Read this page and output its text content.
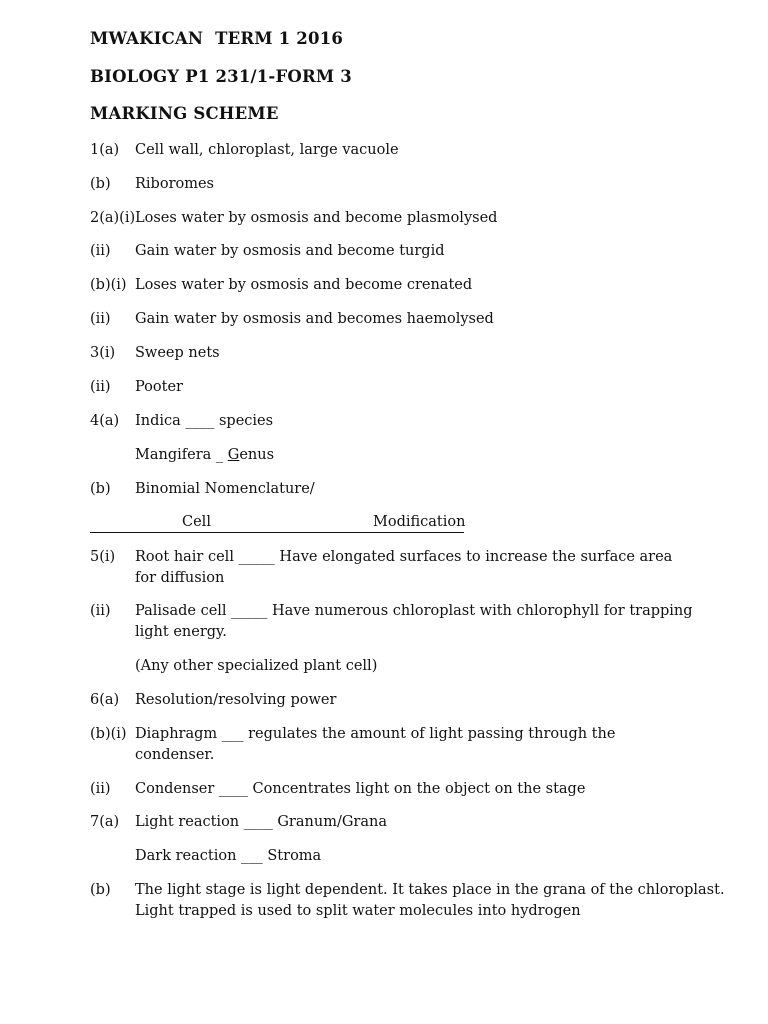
MWAKICAN  TERM 1 2016
BIOLOGY P1 231/1-FORM 3
MARKING SCHEME
1(a) Cell wall, chloroplast, large vacuole
(b) Riboromes
2(a)(i) Loses water by osmosis and become plasmolysed
(ii) Gain water by osmosis and become turgid
(b)(i) Loses water by osmosis and become crenated
(ii) Gain water by osmosis and becomes haemolysed
3(i) Sweep nets
(ii) Pooter
4(a) Indica ____ species
Mangifera _ Genus
(b) Binomial Nomenclature/
Cell	Modification
5(i) Root hair cell _____ Have elongated surfaces to increase the surface area for diffusion
(ii) Palisade cell _____ Have numerous chloroplast with chlorophyll for trapping light energy.
(Any other specialized plant cell)
6(a) Resolution/resolving power
(b)(i) Diaphragm ___ regulates the amount of light passing through the condenser.
(ii) Condenser ____ Concentrates light on the object on the stage
7(a) Light reaction ____ Granum/Grana
Dark reaction ___ Stroma
(b) The light stage is light dependent. It takes place in the grana of the chloroplast. Light trapped is used to split water molecules into hydrogen
